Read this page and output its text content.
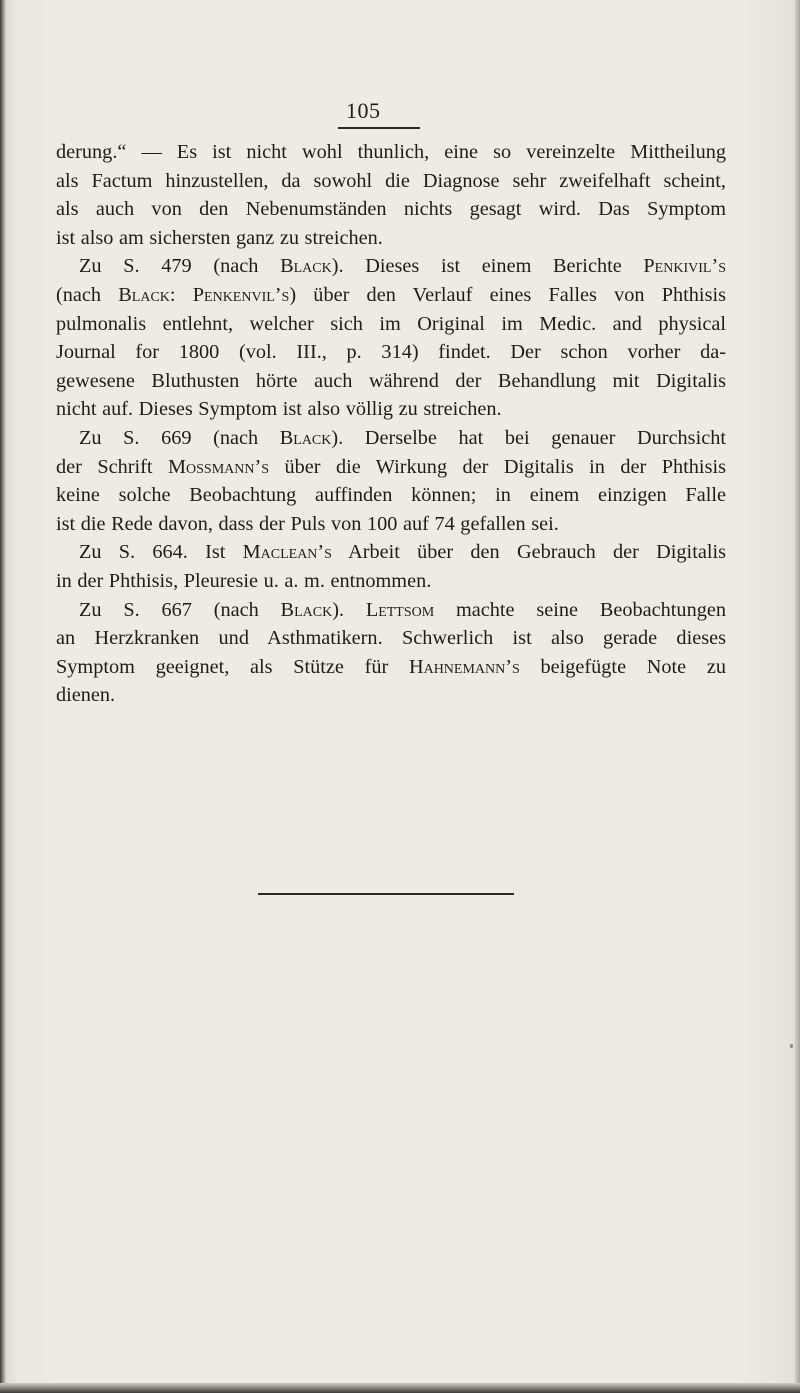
105
derung.“ — Es ist nicht wohl thunlich, eine so vereinzelte Mittheilung
als Factum hinzustellen, da sowohl die Diagnose sehr zweifelhaft scheint,
als auch von den Nebenumständen nichts gesagt wird. Das Symptom
ist also am sichersten ganz zu streichen.
Zu S. 479 (nach Black). Dieses ist einem Berichte Penkivil’s
(nach Black: Penkenvil’s) über den Verlauf eines Falles von Phthisis
pulmonalis entlehnt, welcher sich im Original im Medic. and physical
Journal for 1800 (vol. III., p. 314) findet. Der schon vorher da-
gewesene Bluthusten hörte auch während der Behandlung mit Digitalis
nicht auf. Dieses Symptom ist also völlig zu streichen.
Zu S. 669 (nach Black). Derselbe hat bei genauer Durchsicht
der Schrift Mossmann’s über die Wirkung der Digitalis in der Phthisis
keine solche Beobachtung auffinden können; in einem einzigen Falle
ist die Rede davon, dass der Puls von 100 auf 74 gefallen sei.
Zu S. 664. Ist Maclean’s Arbeit über den Gebrauch der Digitalis
in der Phthisis, Pleuresie u. a. m. entnommen.
Zu S. 667 (nach Black). Lettsom machte seine Beobachtungen
an Herzkranken und Asthmatikern. Schwerlich ist also gerade dieses
Symptom geeignet, als Stütze für Hahnemann’s beigefügte Note zu
dienen.
